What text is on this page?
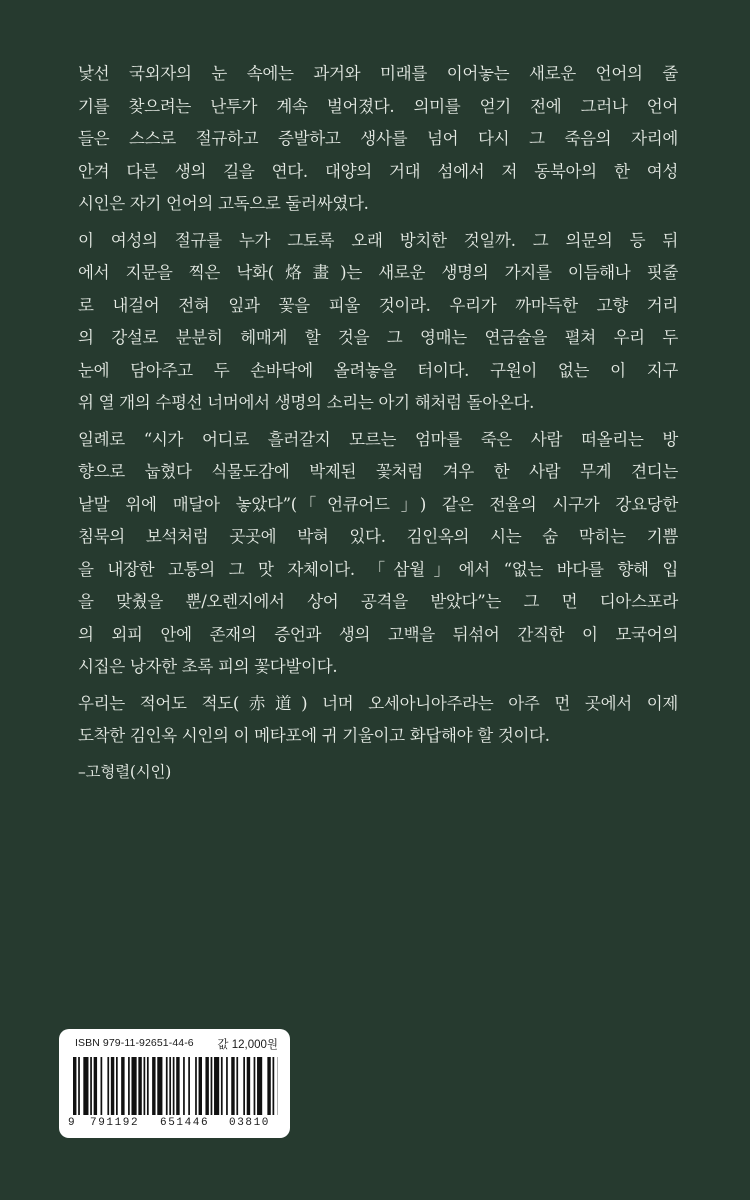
낯선 국외자의 눈 속에는 과거와 미래를 이어놓는 새로운 언어의 줄
기를 찾으려는 난투가 계속 벌어졌다. 의미를 얻기 전에 그러나 언어
들은 스스로 절규하고 증발하고 생사를 넘어 다시 그 죽음의 자리에
안겨 다른 생의 길을 연다. 대양의 거대 섬에서 저 동북아의 한 여성
시인은 자기 언어의 고독으로 둘러싸였다.

이 여성의 절규를 누가 그토록 오래 방치한 것일까. 그 의문의 등 뒤
에서 지문을 찍은 낙화(烙畫)는 새로운 생명의 가지를 이듬해나 핏줄
로 내걸어 전혀 잎과 꽃을 피울 것이라. 우리가 까마득한 고향 거리
의 강설로 분분히 헤매게 할 것을 그 영매는 연금술을 펼쳐 우리 두
눈에 담아주고 두 손바닥에 올려놓을 터이다. 구원이 없는 이 지구
위 열 개의 수평선 너머에서 생명의 소리는 아기 해처럼 돌아온다.

일례로 “시가 어디로 흘러갈지 모르는 엄마를 죽은 사람 떠올리는 방
향으로 눕혔다 식물도감에 박제된 꽃처럼 겨우 한 사람 무게 견디는
낱말 위에 매달아 놓았다”(「언큐어드」) 같은 전율의 시구가 강요당한
침묵의 보석처럼 곳곳에 박혀 있다. 김인옥의 시는 숨 막히는 기쁨
을 내장한 고통의 그 맛 자체이다. 「삼월」에서 “없는 바다를 향해 입
을 맞췄을 뿐/오렌지에서 상어 공격을 받았다”는 그 먼 디아스포라
의 외피 안에 존재의 증언과 생의 고백을 뒤섞어 간직한 이 모국어의
시집은 낭자한 초록 피의 꽃다발이다.

우리는 적어도 적도(赤道) 너머 오세아니아주라는 아주 먼 곳에서 이제
도착한 김인옥 시인의 이 메타포에 귀 기울이고 화답해야 할 것이다.

–고형렬(시인)
ISBN 979-11-92651-44-6 값 12,000원
9 791192 651446 03810
